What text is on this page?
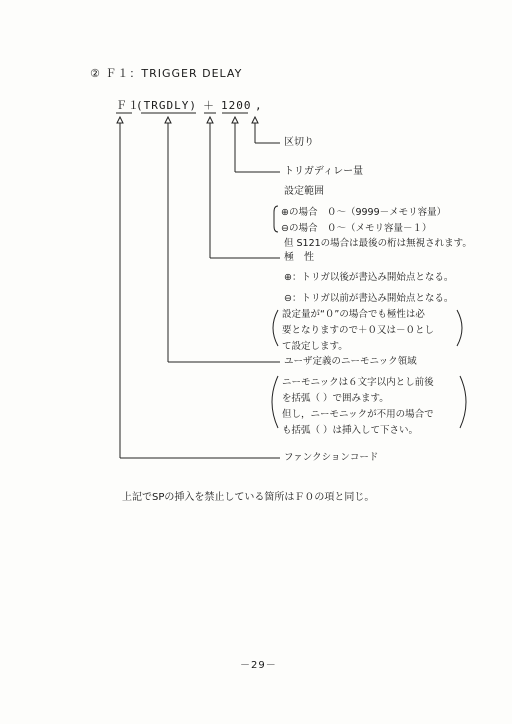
② Ｆ１：TRIGGER DELAY
Ｆ１
(TRGDLY) ＋ 1200 ,
区切り
トリガディレー量
設定範囲
⊕の場合　０～（9999－メモリ容量）
⊖の場合　０～（メモリ容量－１）
但 S121の場合は最後の桁は無視されます。
極　性
⊕：トリガ以後が書込み開始点となる。
⊖：トリガ以前が書込み開始点となる。
設定量が“０”の場合でも極性は必
要となりますので＋０又は－０とし
て設定します。
ユーザ定義のニーモニック領域
ニーモニックは６文字以内とし前後
を括弧（ ）で囲みます。
但し，ニーモニックが不用の場合で
も括弧（ ）は挿入して下さい。
ファンクションコード
上記でSPの挿入を禁止している箇所はＦ０の項と同じ。
－29－
